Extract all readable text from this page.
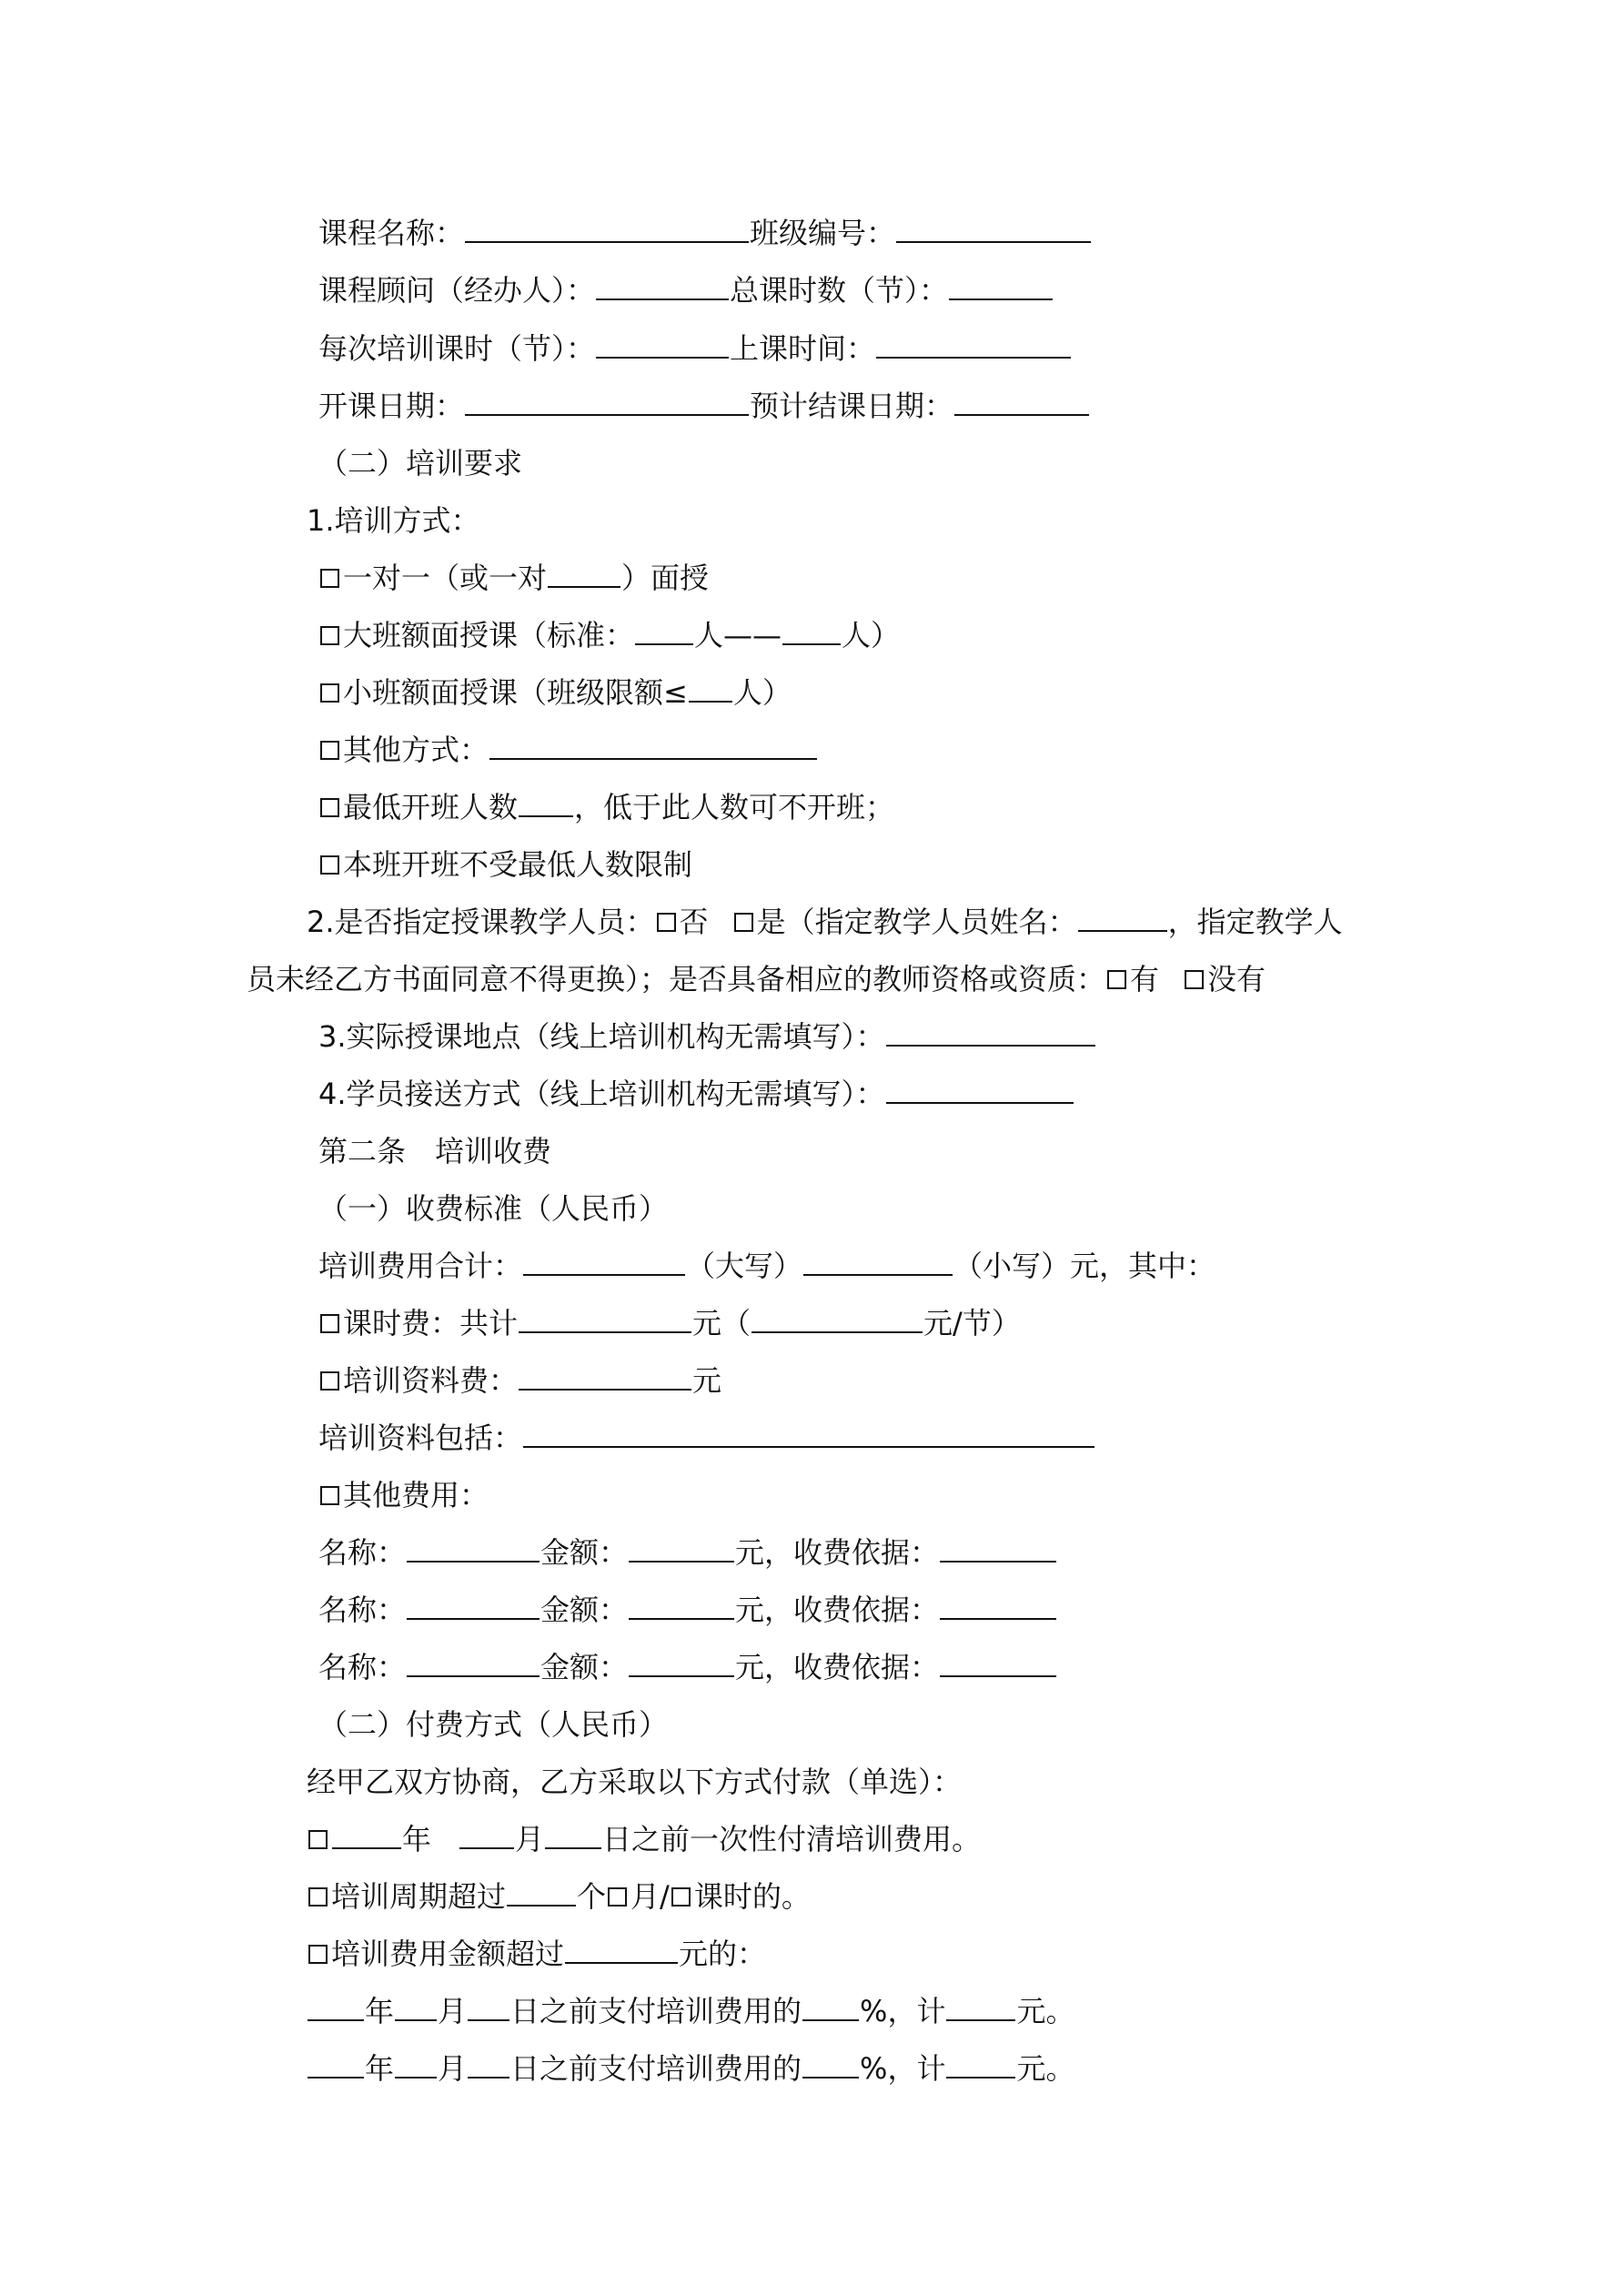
课程名称：	班级编号：
课程顾问（经办人）：	总课时数（节）：
每次培训课时（节）：	上课时间：
开课日期：	预计结课日期：
（二）培训要求
1.培训方式：
一对一（或一对	）面授
大班额面授课（标准： 人—— 人）
小班额面授课（班级限额≤人）
其他方式：
最低开班人数 ，低于此人数可不开班；
本班开班不受最低人数限制
2.是否指定授课教学人员： 否 是（指定教学人员姓名：	，指定教学人
员未经乙方书面同意不得更换）；是否具备相应的教师资格或资质： 有 没有
3.实际授课地点（线上培训机构无需填写）：
4.学员接送方式（线上培训机构无需填写）：
第二条　培训收费
（一）收费标准（人民币）
培训费用合计：	（大写）	（小写）元，其中：
课时费：共计	元（	元/节）
培训资料费：	元
培训资料包括：
其他费用：
名称：	金额：	元，收费依据：
名称：	金额：	元，收费依据：
名称：	金额：	元，收费依据：
（二）付费方式（人民币）
经甲乙双方协商，乙方采取以下方式付款（单选）：
年	月 日之前一次性付清培训费用。
培训周期超过 个 月/ 课时的。
培训费用金额超过	元的：
年 月 日之前支付培训费用的 %，计 元。
年 月 日之前支付培训费用的 %，计 元。
